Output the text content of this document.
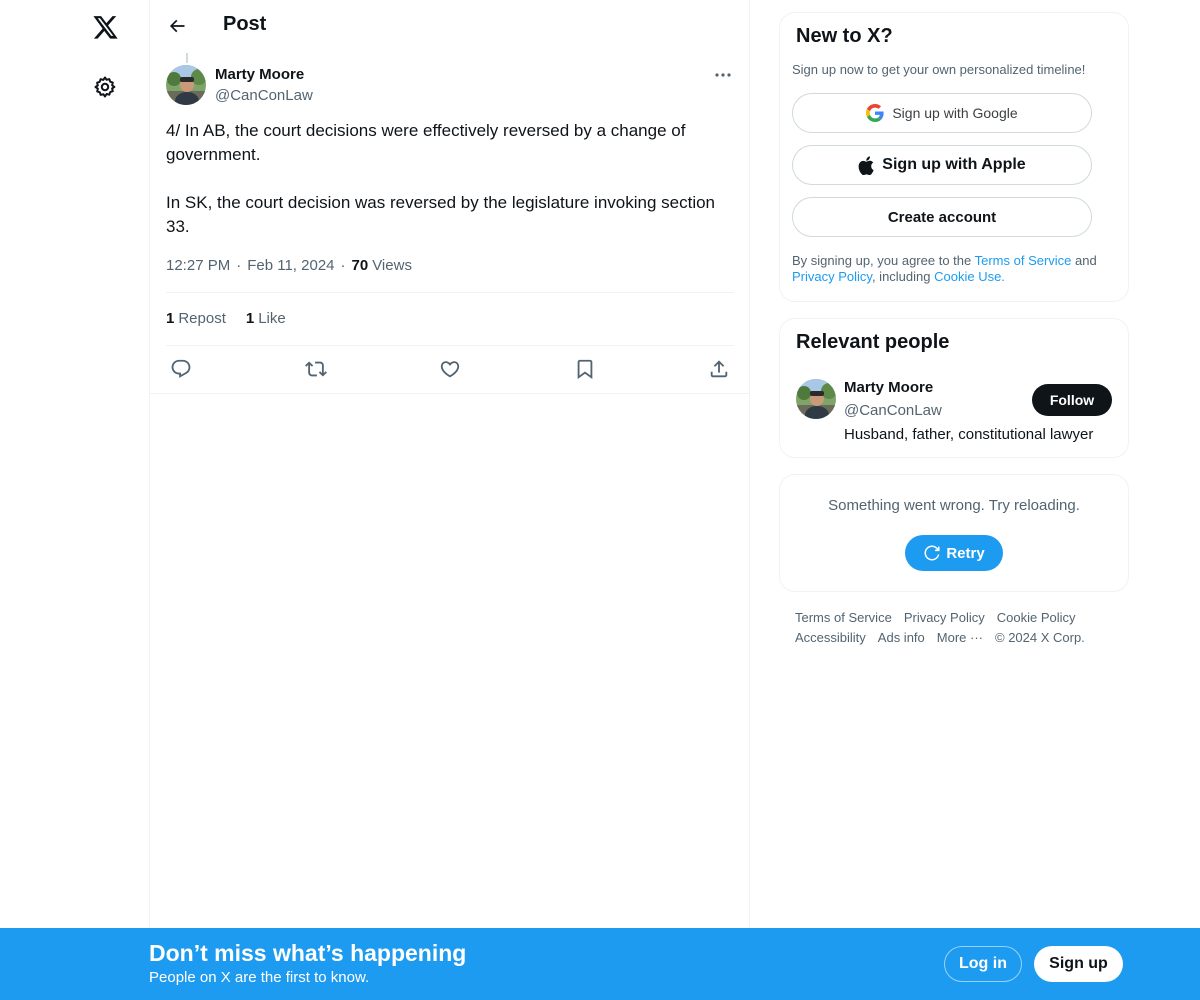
Post
Marty Moore
@CanConLaw

4/ In AB, the court decisions were effectively reversed by a change of government.

In SK, the court decision was reversed by the legislature invoking section 33.

12:27 PM · Feb 11, 2024 · 70 Views
1 Repost 1 Like
New to X?
Sign up now to get your own personalized timeline!
Sign up with Google
Sign up with Apple
Create account
By signing up, you agree to the Terms of Service and Privacy Policy, including Cookie Use.
Relevant people
Marty Moore
@CanConLaw
Husband, father, constitutional lawyer
Follow
Something went wrong. Try reloading.
Retry
Terms of Service Privacy Policy Cookie Policy
Accessibility Ads info More ··· © 2024 X Corp.
Don’t miss what’s happening
People on X are the first to know.
Log in	Sign up
